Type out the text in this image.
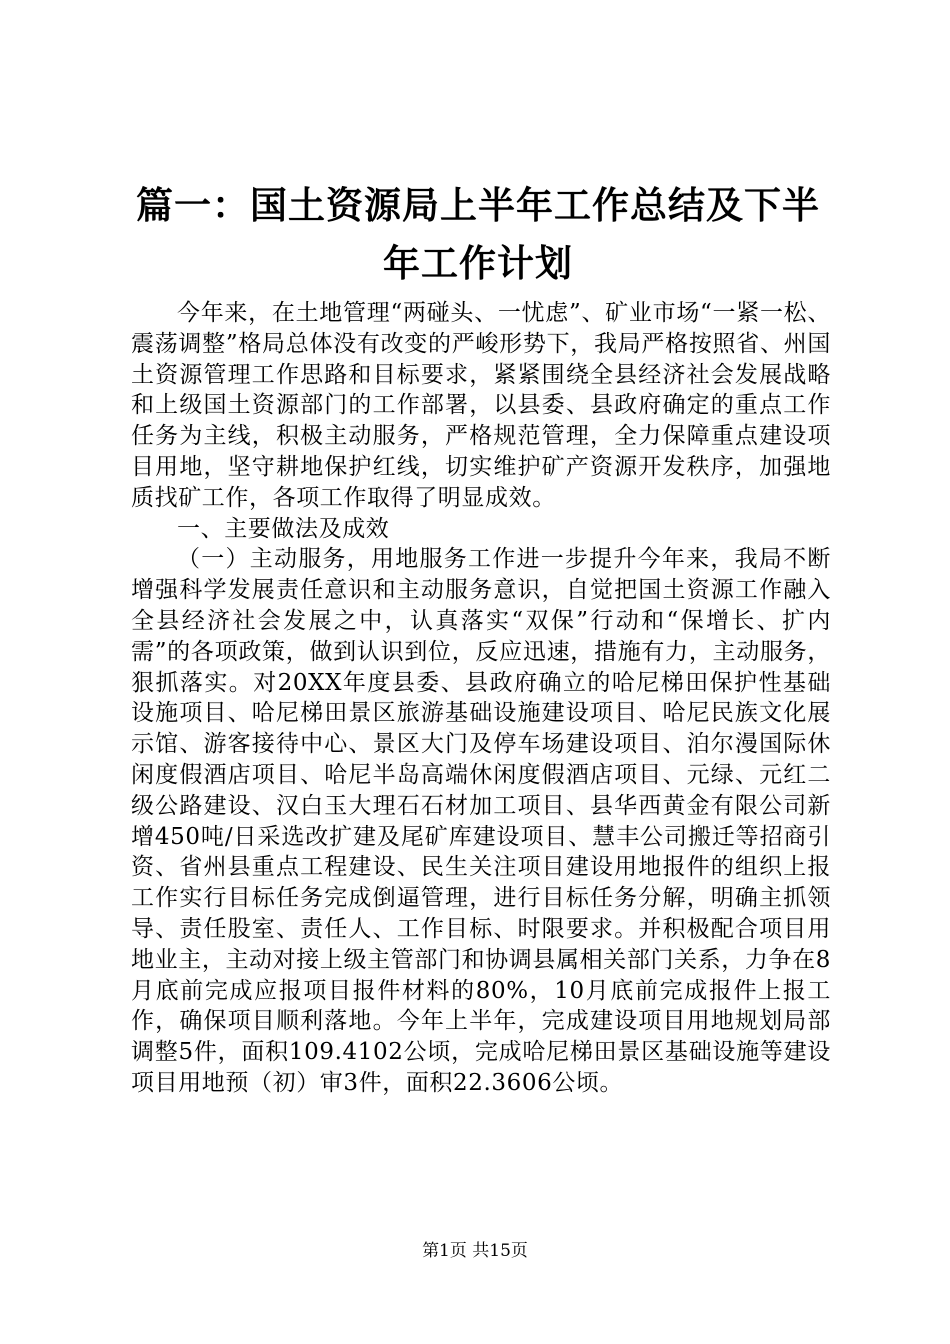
篇一：国土资源局上半年工作总结及下半年工作计划

今年来，在土地管理“两碰头、一忧虑”、矿业市场“一紧一松、震荡调整”格局总体没有改变的严峻形势下，我局严格按照省、州国土资源管理工作思路和目标要求，紧紧围绕全县经济社会发展战略和上级国土资源部门的工作部署，以县委、县政府确定的重点工作任务为主线，积极主动服务，严格规范管理，全力保障重点建设项目用地，坚守耕地保护红线，切实维护矿产资源开发秩序，加强地质找矿工作，各项工作取得了明显成效。

一、主要做法及成效

（一）主动服务，用地服务工作进一步提升今年来，我局不断增强科学发展责任意识和主动服务意识，自觉把国土资源工作融入全县经济社会发展之中，认真落实“双保”行动和“保增长、扩内需”的各项政策，做到认识到位，反应迅速，措施有力，主动服务，狠抓落实。对20XX年度县委、县政府确立的哈尼梯田保护性基础设施项目、哈尼梯田景区旅游基础设施建设项目、哈尼民族文化展示馆、游客接待中心、景区大门及停车场建设项目、泊尔漫国际休闲度假酒店项目、哈尼半岛高端休闲度假酒店项目、元绿、元红二级公路建设、汉白玉大理石石材加工项目、县华西黄金有限公司新增450吨/日采选改扩建及尾矿库建设项目、慧丰公司搬迁等招商引资、省州县重点工程建设、民生关注项目建设用地报件的组织上报工作实行目标任务完成倒逼管理，进行目标任务分解，明确主抓领导、责任股室、责任人、工作目标、时限要求。并积极配合项目用地业主，主动对接上级主管部门和协调县属相关部门关系，力争在8月底前完成应报项目报件材料的80%，10月底前完成报件上报工作，确保项目顺利落地。今年上半年，完成建设项目用地规划局部调整5件，面积109.4102公顷，完成哈尼梯田景区基础设施等建设项目用地预（初）审3件，面积22.3606公顷。

第1页 共15页
